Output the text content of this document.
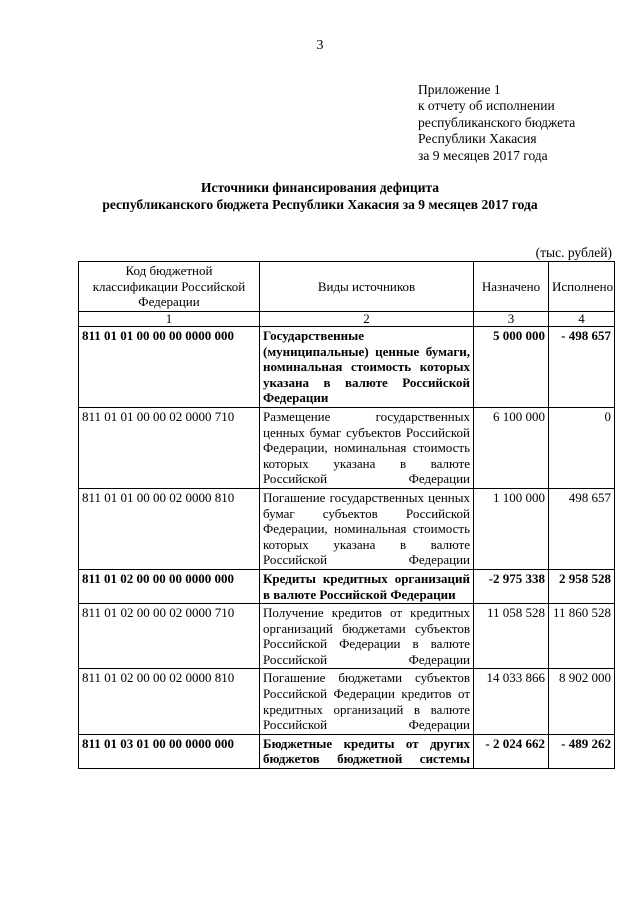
3
Приложение 1
к отчету об исполнении
республиканского бюджета
Республики Хакасия
за 9 месяцев 2017 года
Источники финансирования дефицита
республиканского бюджета Республики Хакасия за 9 месяцев 2017 года
(тыс. рублей)
Код бюджетной классификации Российской Федерации	Виды источников	Назначено	Исполнено
1	2	3	4
811 01 01 00 00 00 0000 000	Государственные (муниципальные) ценные бумаги, номинальная стоимость которых указана в валюте Российской Федерации	5 000 000	- 498 657
811 01 01 00 00 02 0000 710	Размещение государственных ценных бумаг субъектов Российской Федерации, номинальная стоимость которых указана в валюте Российской Федерации	6 100 000	0
811 01 01 00 00 02 0000 810	Погашение государственных ценных бумаг субъектов Российской Федерации, номинальная стоимость которых указана в валюте Российской Федерации	1 100 000	498 657
811 01 02 00 00 00 0000 000	Кредиты кредитных организаций в валюте Российской Федерации	-2 975 338	2 958 528
811 01 02 00 00 02 0000 710	Получение кредитов от кредитных организаций бюджетами субъектов Российской Федерации в валюте Российской Федерации	11 058 528	11 860 528
811 01 02 00 00 02 0000 810	Погашение бюджетами субъектов Российской Федерации кредитов от кредитных организаций в валюте Российской Федерации	14 033 866	8 902 000
811 01 03 01 00 00 0000 000	Бюджетные кредиты от других бюджетов бюджетной системы	- 2 024 662	- 489 262
